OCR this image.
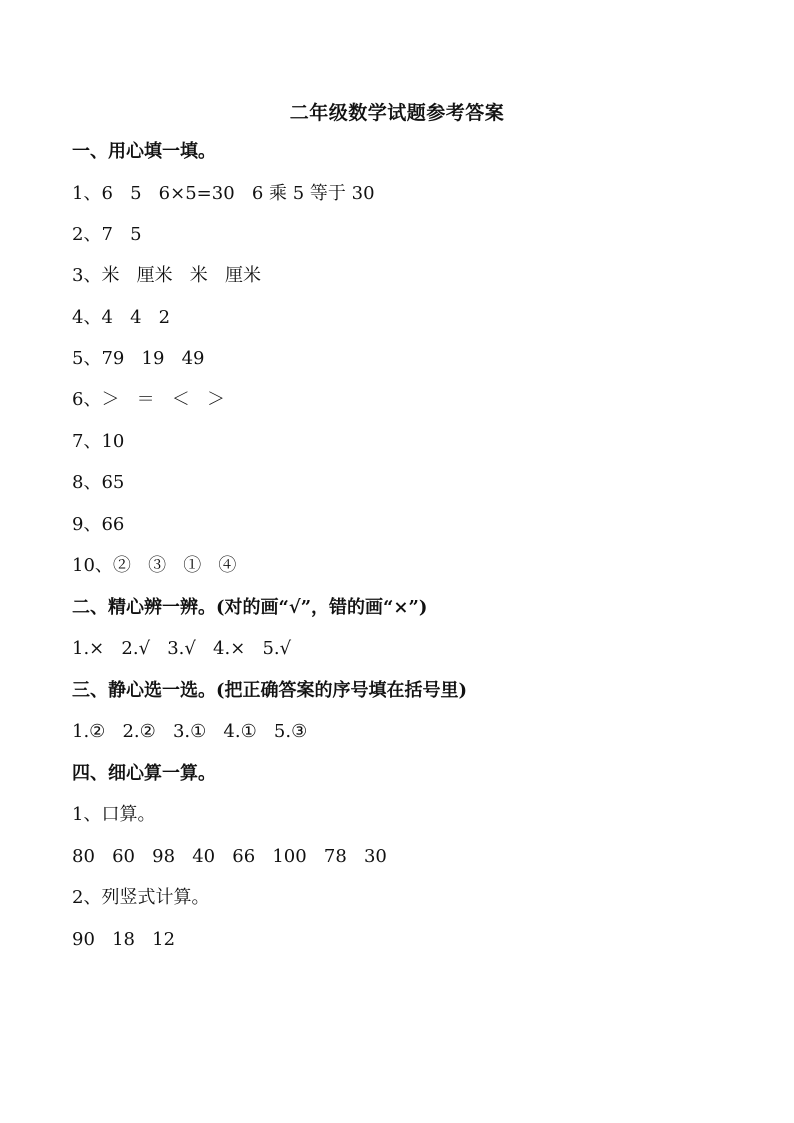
二年级数学试题参考答案
一、用心填一填。
1、6   5   6×5=30   6 乘 5 等于 30
2、7   5
3、米   厘米   米   厘米
4、4   4   2
5、79   19   49
6、＞   ＝   ＜   ＞
7、10
8、65
9、66
10、②   ③   ①   ④
二、精心辨一辨。(对的画“√”，错的画“×”)
1.×   2.√   3.√   4.×   5.√
三、静心选一选。(把正确答案的序号填在括号里)
1.②   2.②   3.①   4.①   5.③
四、细心算一算。
1、口算。
80   60   98   40   66   100   78   30
2、列竖式计算。
90   18   12
